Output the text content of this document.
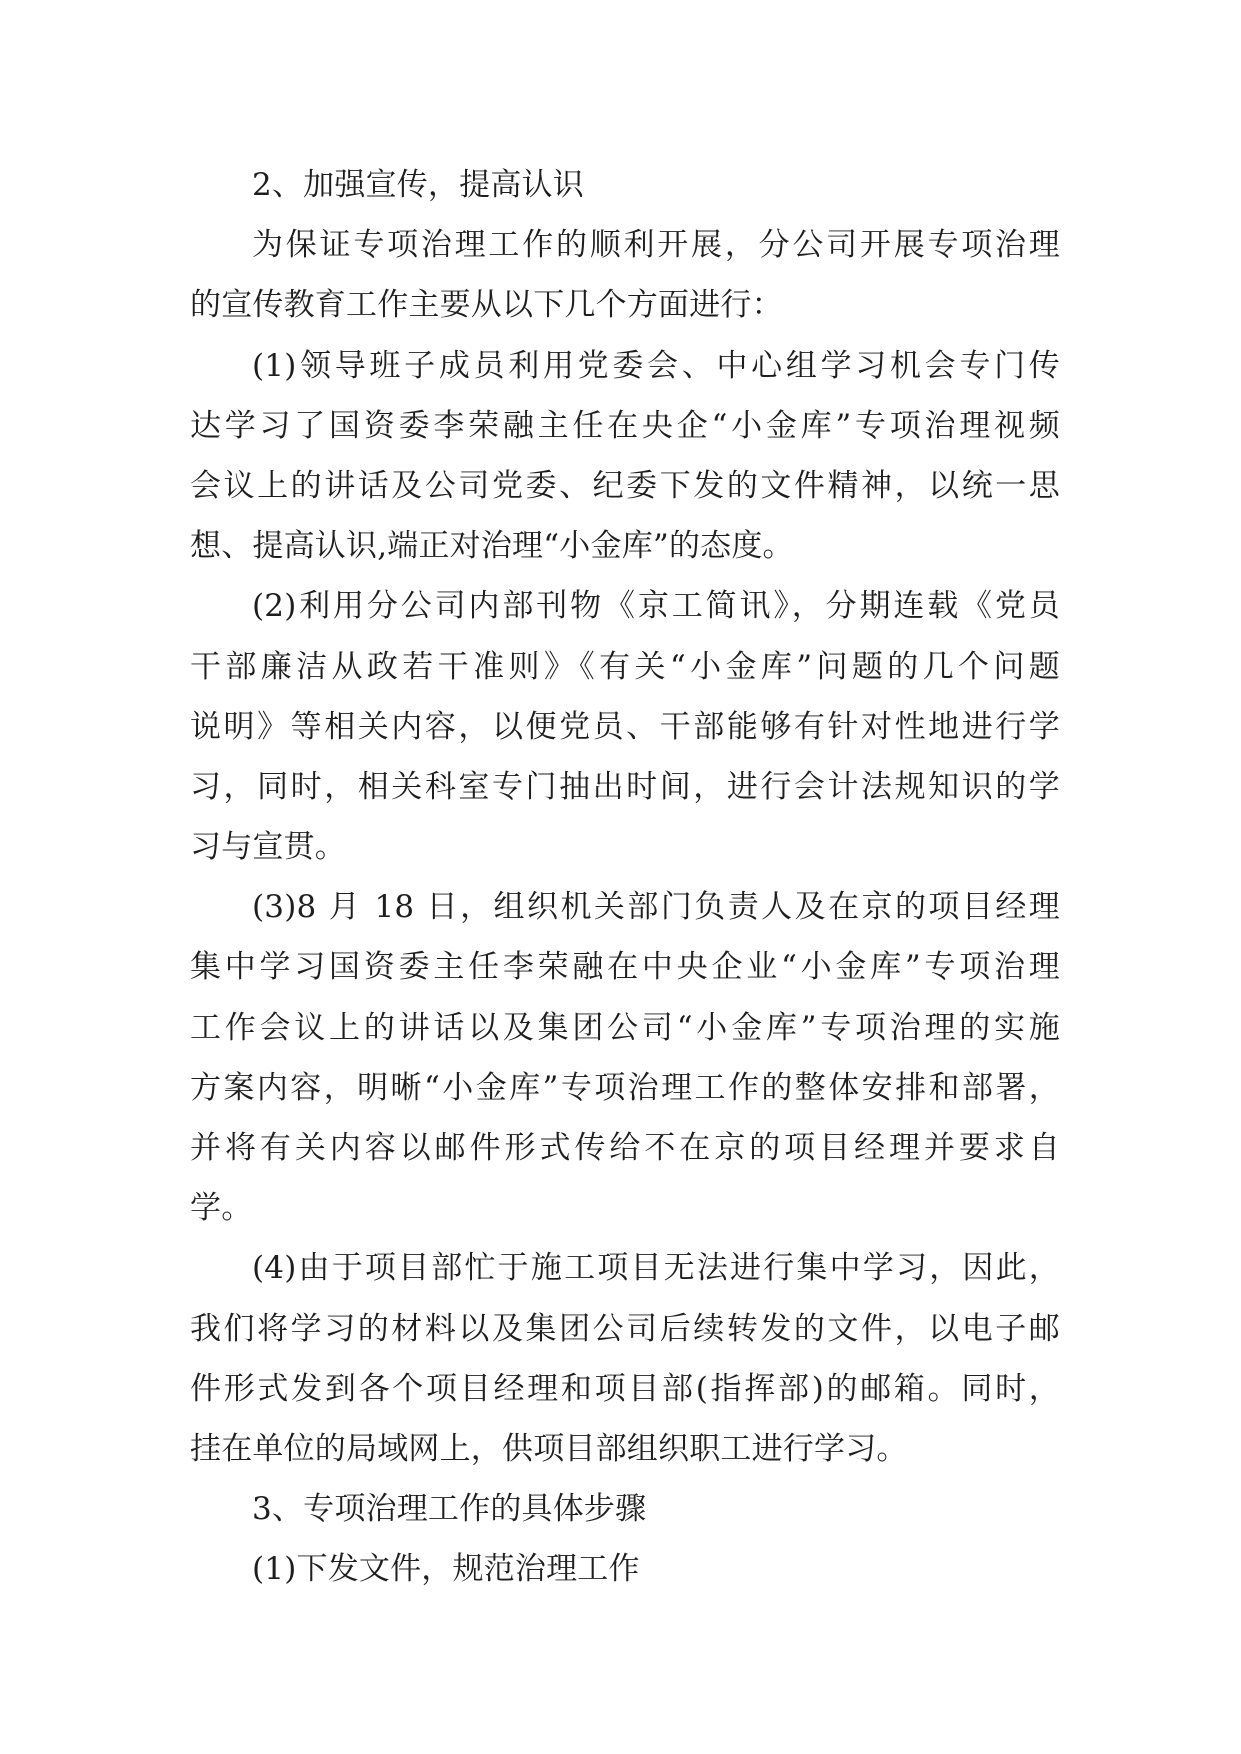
2、加强宣传，提高认识
为保证专项治理工作的顺利开展，分公司开展专项治理
的宣传教育工作主要从以下几个方面进行：
(1)领导班子成员利用党委会、中心组学习机会专门传
达学习了国资委李荣融主任在央企“小金库”专项治理视频
会议上的讲话及公司党委、纪委下发的文件精神，以统一思
想、提高认识,端正对治理“小金库”的态度。
(2)利用分公司内部刊物《京工简讯》，分期连载《党员
干部廉洁从政若干准则》《有关“小金库”问题的几个问题
说明》等相关内容，以便党员、干部能够有针对性地进行学
习，同时，相关科室专门抽出时间，进行会计法规知识的学
习与宣贯。
(3)8 月 18 日，组织机关部门负责人及在京的项目经理
集中学习国资委主任李荣融在中央企业“小金库”专项治理
工作会议上的讲话以及集团公司“小金库”专项治理的实施
方案内容，明晰“小金库”专项治理工作的整体安排和部署，
并将有关内容以邮件形式传给不在京的项目经理并要求自
学。
(4)由于项目部忙于施工项目无法进行集中学习，因此，
我们将学习的材料以及集团公司后续转发的文件，以电子邮
件形式发到各个项目经理和项目部(指挥部)的邮箱。同时，
挂在单位的局域网上，供项目部组织职工进行学习。
3、专项治理工作的具体步骤
(1)下发文件，规范治理工作
